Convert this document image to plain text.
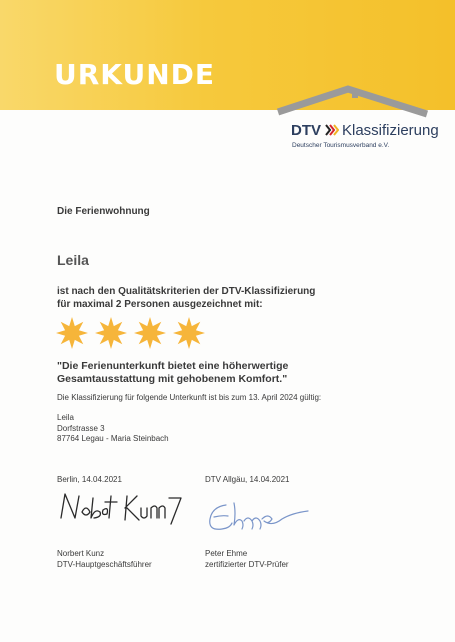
URKUNDE
DTV Klassifizierung
Deutscher Tourismusverband e.V.
Die Ferienwohnung
Leila
ist nach den Qualitätskriterien der DTV-Klassifizierung
für maximal 2 Personen ausgezeichnet mit:
"Die Ferienunterkunft bietet eine höherwertige
Gesamtausstattung mit gehobenem Komfort."
Die Klassifizierung für folgende Unterkunft ist bis zum 13. April 2024 gültig:
Leila
Dorfstrasse 3
87764 Legau - Maria Steinbach
Berlin, 14.04.2021	DTV Allgäu, 14.04.2021
Norbert Kunz
DTV-Hauptgeschäftsführer
Peter Ehme
zertifizierter DTV-Prüfer
